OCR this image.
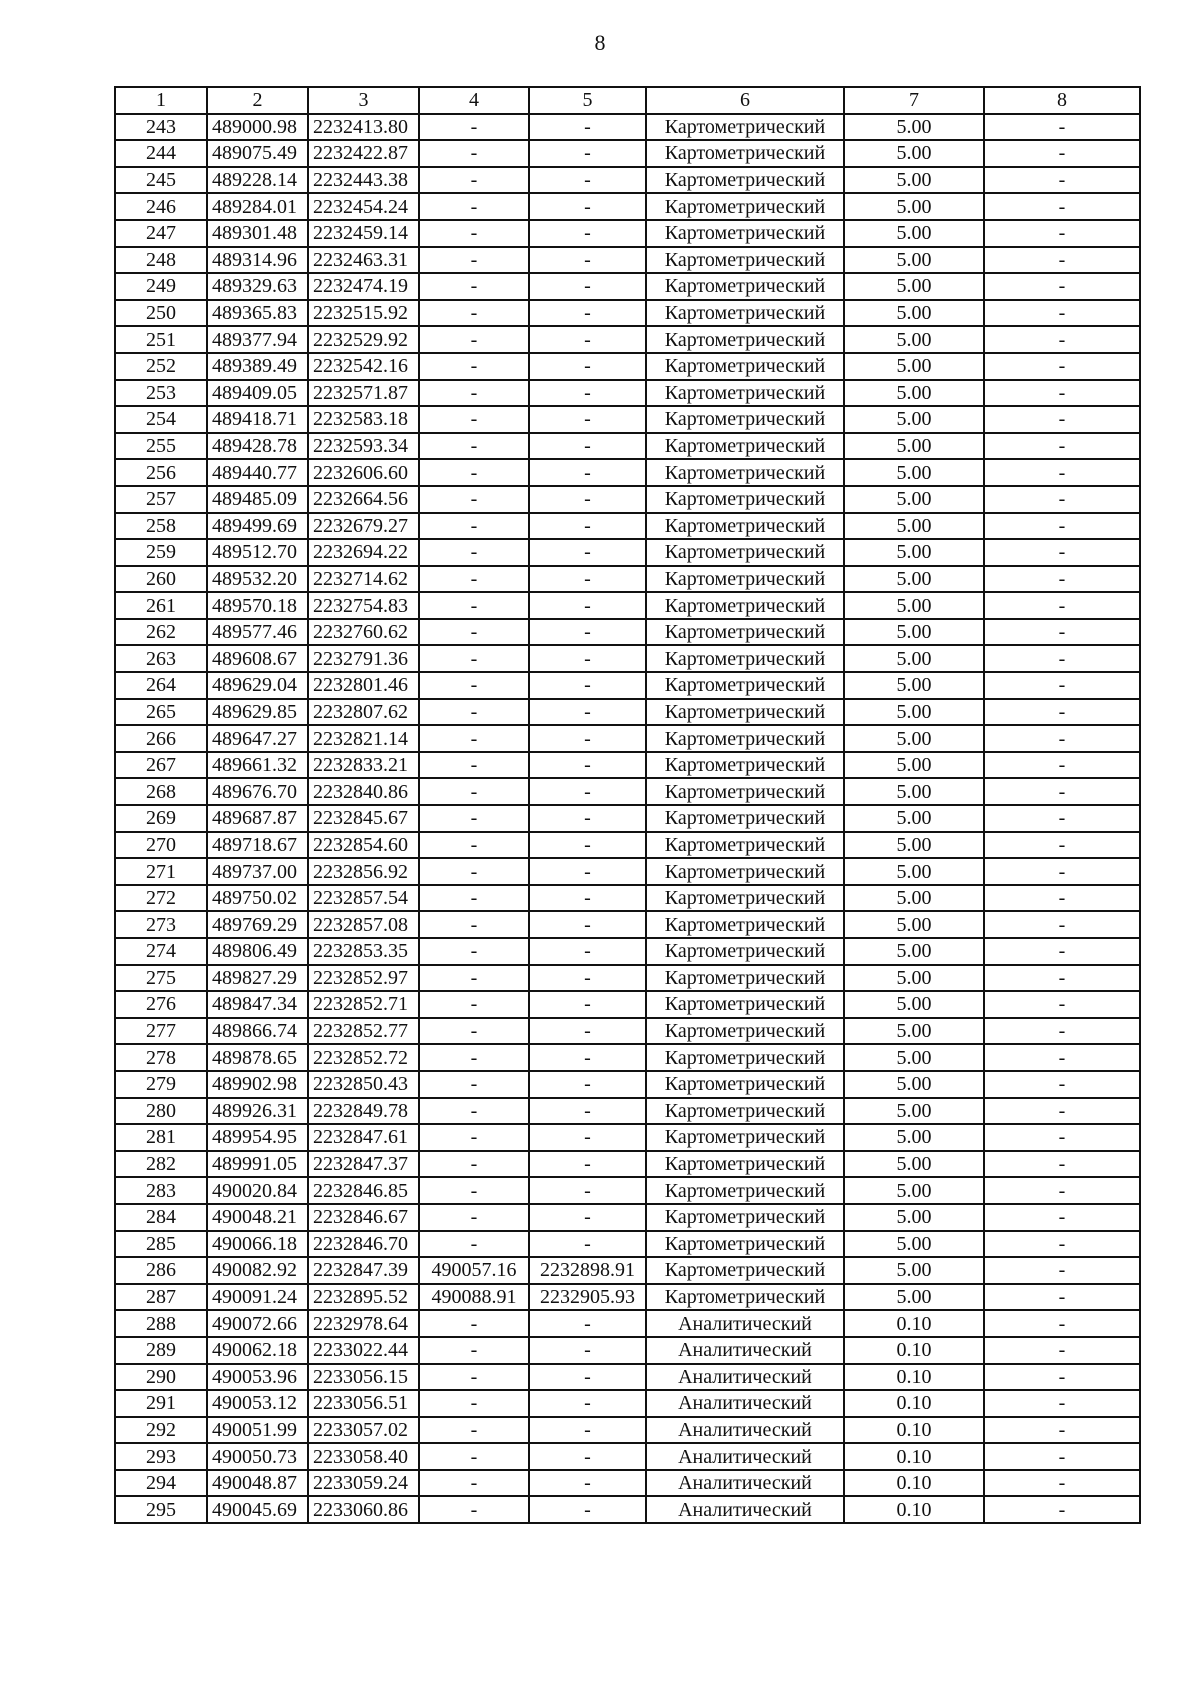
8
1	2	3	4	5	6	7	8
243	489000.98	2232413.80	-	-	Картометрический	5.00	-
244	489075.49	2232422.87	-	-	Картометрический	5.00	-
245	489228.14	2232443.38	-	-	Картометрический	5.00	-
246	489284.01	2232454.24	-	-	Картометрический	5.00	-
247	489301.48	2232459.14	-	-	Картометрический	5.00	-
248	489314.96	2232463.31	-	-	Картометрический	5.00	-
249	489329.63	2232474.19	-	-	Картометрический	5.00	-
250	489365.83	2232515.92	-	-	Картометрический	5.00	-
251	489377.94	2232529.92	-	-	Картометрический	5.00	-
252	489389.49	2232542.16	-	-	Картометрический	5.00	-
253	489409.05	2232571.87	-	-	Картометрический	5.00	-
254	489418.71	2232583.18	-	-	Картометрический	5.00	-
255	489428.78	2232593.34	-	-	Картометрический	5.00	-
256	489440.77	2232606.60	-	-	Картометрический	5.00	-
257	489485.09	2232664.56	-	-	Картометрический	5.00	-
258	489499.69	2232679.27	-	-	Картометрический	5.00	-
259	489512.70	2232694.22	-	-	Картометрический	5.00	-
260	489532.20	2232714.62	-	-	Картометрический	5.00	-
261	489570.18	2232754.83	-	-	Картометрический	5.00	-
262	489577.46	2232760.62	-	-	Картометрический	5.00	-
263	489608.67	2232791.36	-	-	Картометрический	5.00	-
264	489629.04	2232801.46	-	-	Картометрический	5.00	-
265	489629.85	2232807.62	-	-	Картометрический	5.00	-
266	489647.27	2232821.14	-	-	Картометрический	5.00	-
267	489661.32	2232833.21	-	-	Картометрический	5.00	-
268	489676.70	2232840.86	-	-	Картометрический	5.00	-
269	489687.87	2232845.67	-	-	Картометрический	5.00	-
270	489718.67	2232854.60	-	-	Картометрический	5.00	-
271	489737.00	2232856.92	-	-	Картометрический	5.00	-
272	489750.02	2232857.54	-	-	Картометрический	5.00	-
273	489769.29	2232857.08	-	-	Картометрический	5.00	-
274	489806.49	2232853.35	-	-	Картометрический	5.00	-
275	489827.29	2232852.97	-	-	Картометрический	5.00	-
276	489847.34	2232852.71	-	-	Картометрический	5.00	-
277	489866.74	2232852.77	-	-	Картометрический	5.00	-
278	489878.65	2232852.72	-	-	Картометрический	5.00	-
279	489902.98	2232850.43	-	-	Картометрический	5.00	-
280	489926.31	2232849.78	-	-	Картометрический	5.00	-
281	489954.95	2232847.61	-	-	Картометрический	5.00	-
282	489991.05	2232847.37	-	-	Картометрический	5.00	-
283	490020.84	2232846.85	-	-	Картометрический	5.00	-
284	490048.21	2232846.67	-	-	Картометрический	5.00	-
285	490066.18	2232846.70	-	-	Картометрический	5.00	-
286	490082.92	2232847.39	490057.16	2232898.91	Картометрический	5.00	-
287	490091.24	2232895.52	490088.91	2232905.93	Картометрический	5.00	-
288	490072.66	2232978.64	-	-	Аналитический	0.10	-
289	490062.18	2233022.44	-	-	Аналитический	0.10	-
290	490053.96	2233056.15	-	-	Аналитический	0.10	-
291	490053.12	2233056.51	-	-	Аналитический	0.10	-
292	490051.99	2233057.02	-	-	Аналитический	0.10	-
293	490050.73	2233058.40	-	-	Аналитический	0.10	-
294	490048.87	2233059.24	-	-	Аналитический	0.10	-
295	490045.69	2233060.86	-	-	Аналитический	0.10	-
